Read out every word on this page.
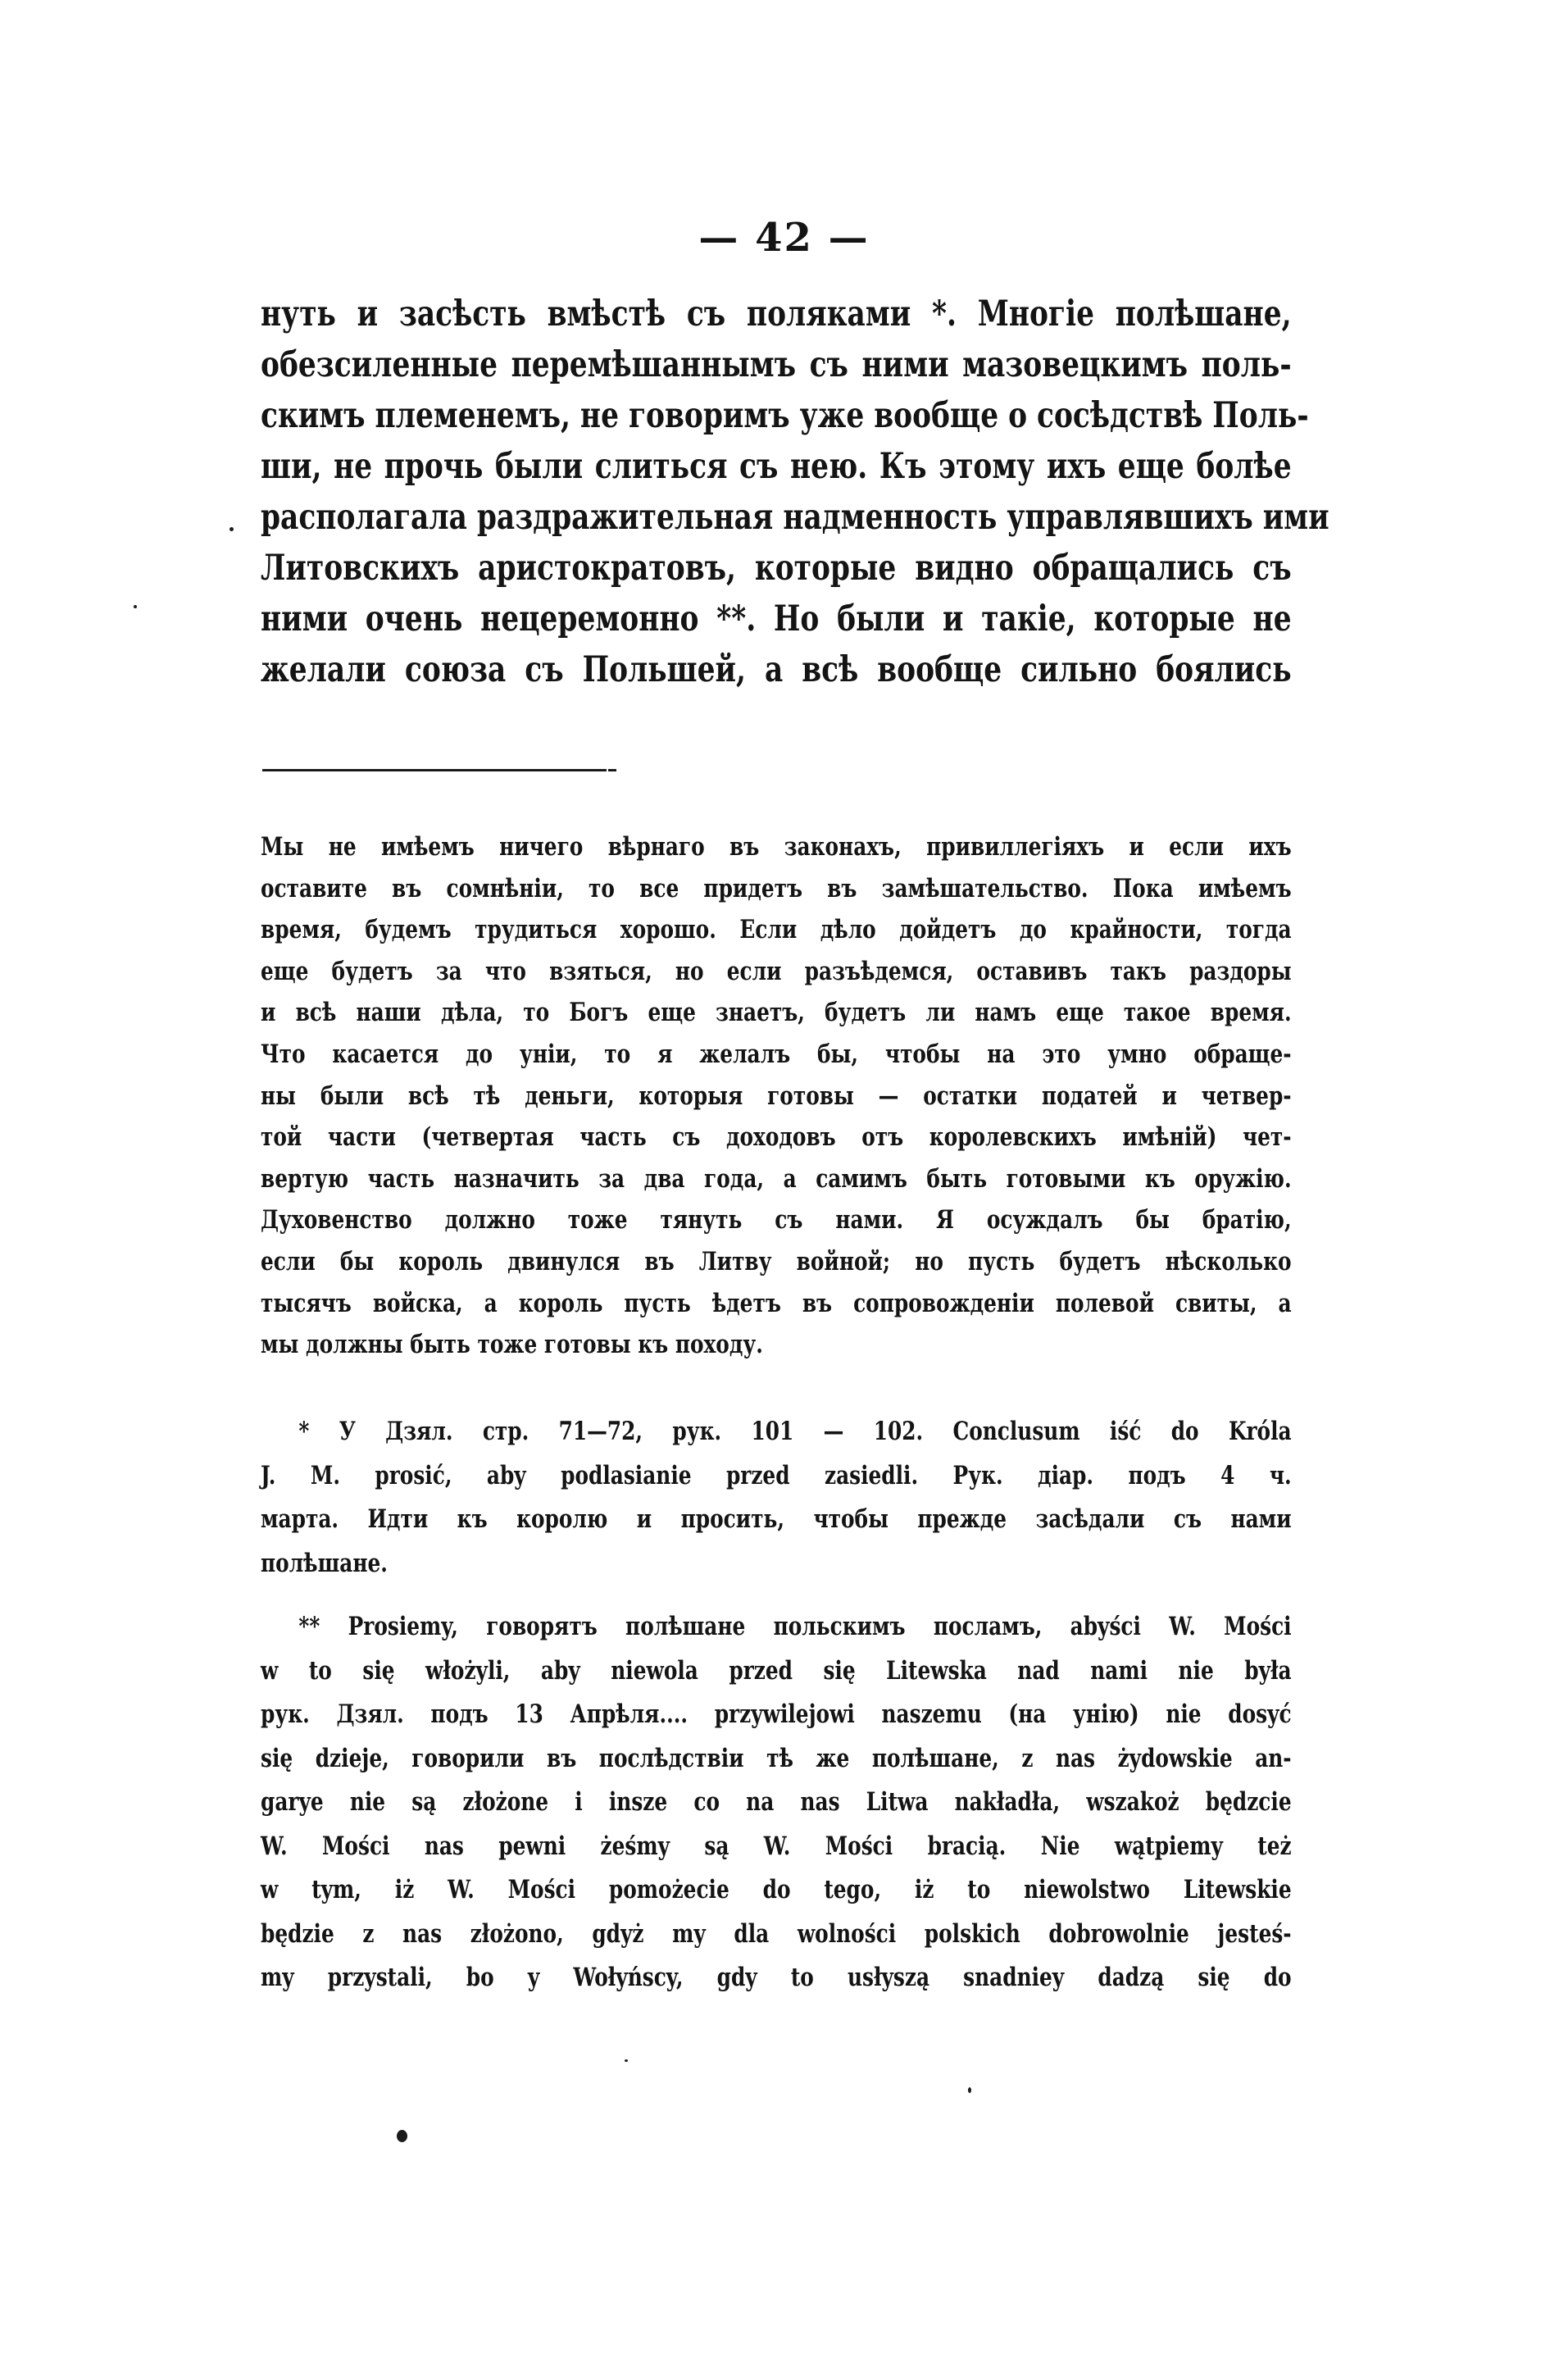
— 42 —
нуть и засѣсть вмѣстѣ съ поляками *. Многіе полѣшане,
обезсиленные перемѣшаннымъ съ ними мазовецкимъ поль-
скимъ племенемъ, не говоримъ уже вообще о сосѣдствѣ Поль-
ши, не прочь были слиться съ нею. Къ этому ихъ еще болѣе
располагала раздражительная надменность управлявшихъ ими
Литовскихъ аристократовъ, которые видно обращались съ
ними очень нецеремонно **. Но были и такіе, которые не
желали союза съ Польшей, а всѣ вообще сильно боялись
Мы не имѣемъ ничего вѣрнаго въ законахъ, привиллегіяхъ и если ихъ
оставите въ сомнѣніи, то все придетъ въ замѣшательство. Пока имѣемъ
время, будемъ трудиться хорошо. Если дѣло дойдетъ до крайности, тогда
еще будетъ за что взяться, но если разъѣдемся, оставивъ такъ раздоры
и всѣ наши дѣла, то Богъ еще знаетъ, будетъ ли намъ еще такое время.
Что касается до уніи, то я желалъ бы, чтобы на это умно обраще-
ны были всѣ тѣ деньги, которыя готовы — остатки податей и четвер-
той части (четвертая часть съ доходовъ отъ королевскихъ имѣній) чет-
вертую часть назначить за два года, а самимъ быть готовыми къ оружію.
Духовенство должно тоже тянуть съ нами. Я осуждалъ бы братію,
если бы король двинулся въ Литву войной; но пусть будетъ нѣсколько
тысячъ войска, а король пусть ѣдетъ въ сопровожденіи полевой свиты, а
мы должны быть тоже готовы къ походу.
* У Дзял. стр. 71—72, рук. 101 — 102. Conclusum iść do Króla
J. M. prosić, aby podlasianie przed zasiedli. Рук. діар. подъ 4 ч.
марта. Идти къ королю и просить, чтобы прежде засѣдали съ нами
полѣшане.
** Prosiemy, говорятъ полѣшане польскимъ посламъ, abyści W. Mości
w to się włożyli, aby niewola przed się Litewska nad nami nie była
рук. Дзял. подъ 13 Апрѣля.... przywilejowi naszemu (на унію) nie dosyć
się dzieje, говорили въ послѣдствіи тѣ же полѣшане, z nas żydowskie an-
garye nie są złożone i insze co na nas Litwa nakładła, wszakoż będzcie
W. Mości nas pewni żeśmy są W. Mości bracią. Nie wątpiemy też
w tym, iż W. Mości pomożecie do tego, iż to niewolstwo Litewskie
będzie z nas złożono, gdyż my dla wolności polskich dobrowolnie jesteś-
my przystali, bo y Wołyńscy, gdy to usłyszą snadniey dadzą się do
